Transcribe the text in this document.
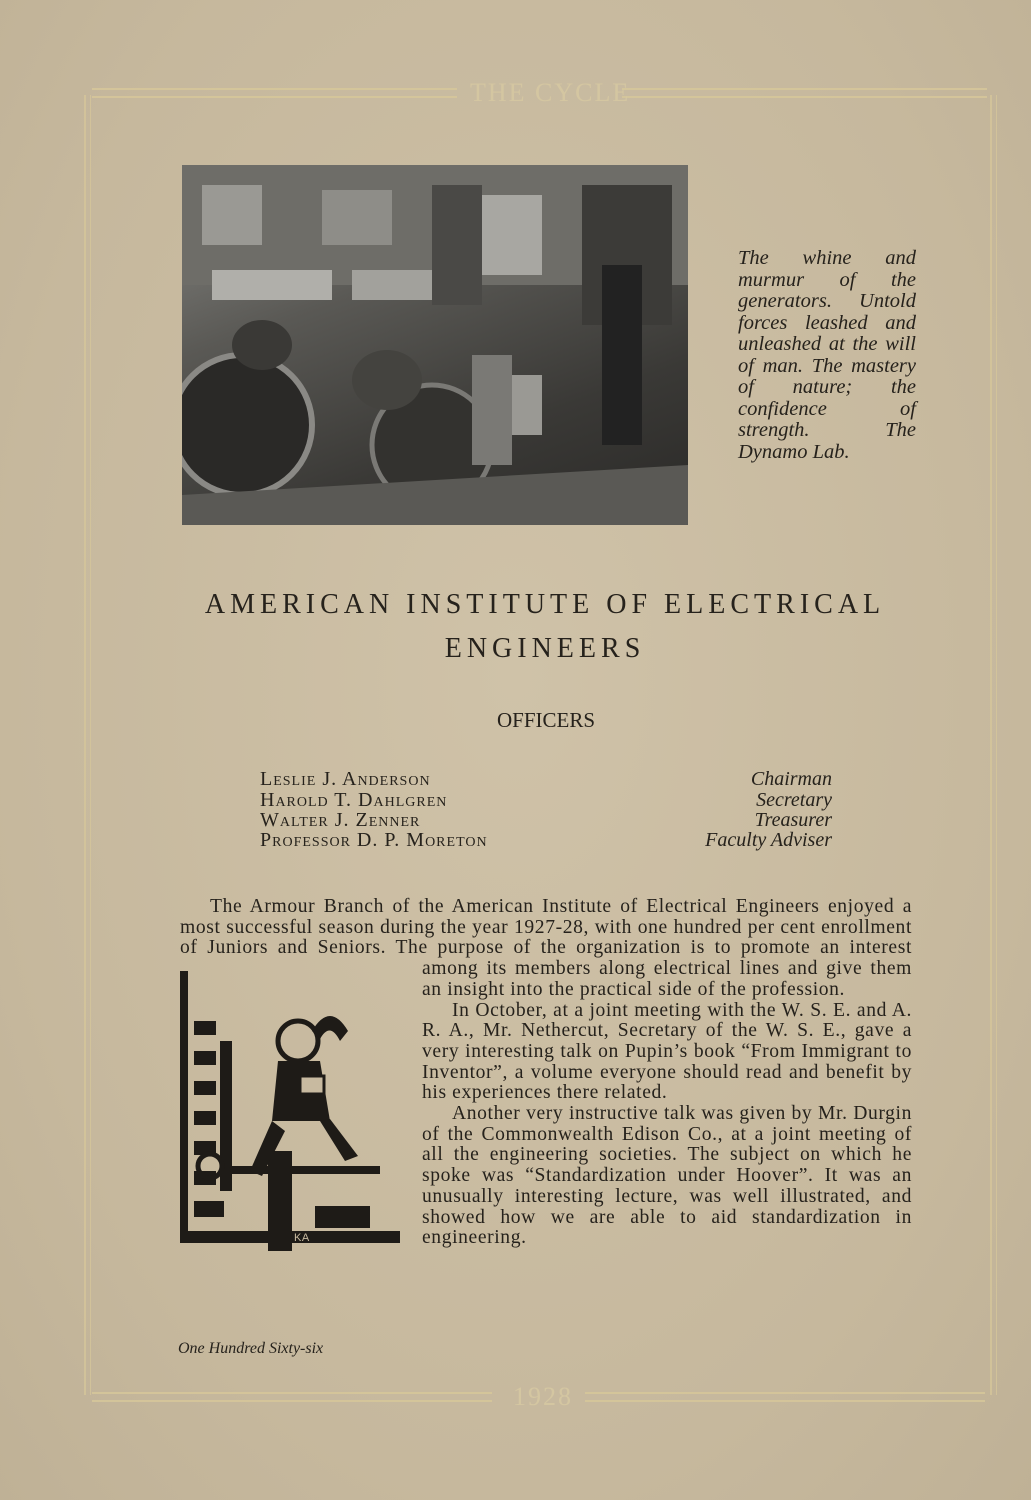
THE CYCLE
1928
The whine and murmur of the generators. Untold forces leashed and unleashed at the will of man. The mastery of nature; the confidence of strength. The Dynamo Lab.
AMERICAN INSTITUTE OF ELECTRICAL
ENGINEERS
OFFICERS
Leslie J. Anderson	Chairman
Harold T. Dahlgren	Secretary
Walter J. Zenner	Treasurer
Professor D. P. Moreton	Faculty Adviser
KA

The Armour Branch of the American Institute of Electrical Engineers enjoyed a most successful season during the year 1927-28, with one hundred per cent enrollment of Juniors and Seniors. The purpose of the organization is to promote an interest among its members along electrical lines and give them an insight into the practical side of the profession.

In October, at a joint meeting with the W. S. E. and A. R. A., Mr. Nethercut, Secretary of the W. S. E., gave a very interesting talk on Pupin’s book “From Immigrant to Inventor”, a volume everyone should read and benefit by his experiences there related.

Another very instructive talk was given by Mr. Durgin of the Commonwealth Edison Co., at a joint meeting of all the engineering societies. The subject on which he spoke was “Standardization under Hoover”. It was an unusually interesting lecture, was well illustrated, and showed how we are able to aid standardization in engineering.

One Hundred Sixty-six
